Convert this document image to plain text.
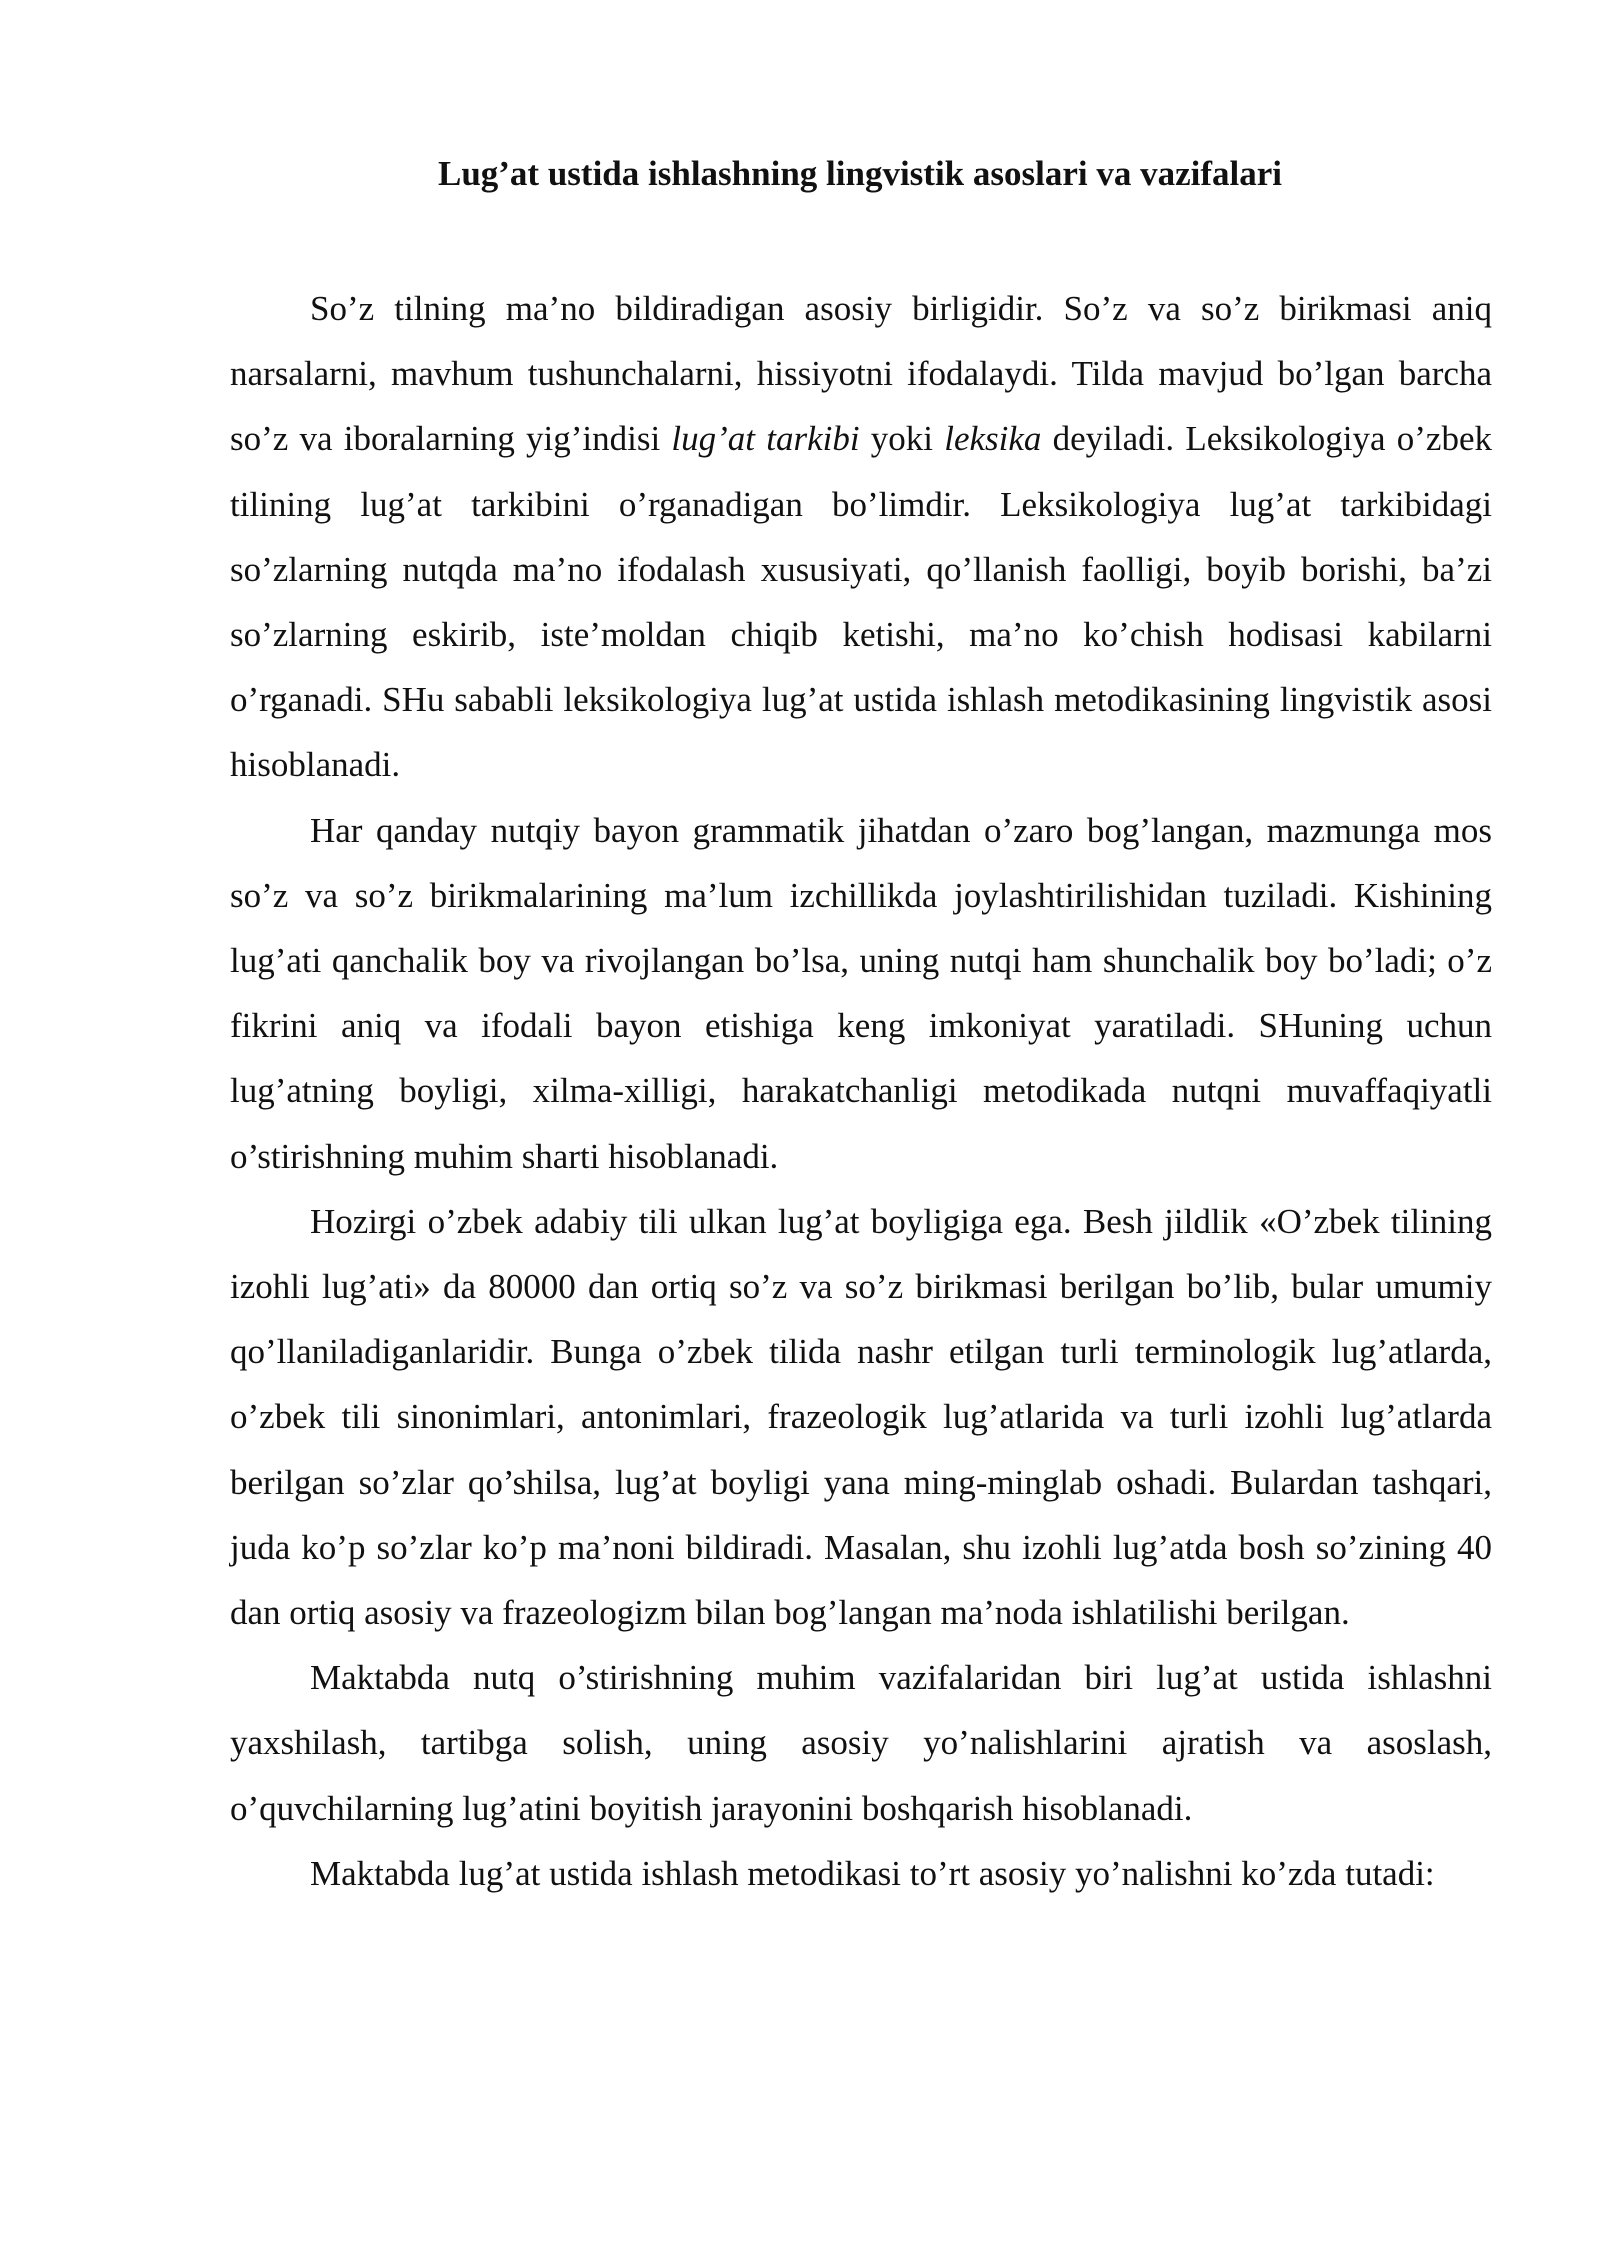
Lug’at ustida ishlashning lingvistik asoslari va vazifalari

So’z tilning ma’no bildiradigan asosiy birligidir. So’z va so’z birikmasi aniq narsalarni, mavhum tushunchalarni, hissiyotni ifodalaydi. Tilda mavjud bo’lgan barcha so’z va iboralarning yig’indisi lug’at tarkibi yoki leksika deyiladi. Leksikologiya o’zbek tilining lug’at tarkibini o’rganadigan bo’limdir. Leksikologiya lug’at tarkibidagi so’zlarning nutqda ma’no ifodalash xususiyati, qo’llanish faolligi, boyib borishi, ba’zi so’zlarning eskirib, iste’moldan chiqib ketishi, ma’no ko’chish hodisasi kabilarni o’rganadi. SHu sababli leksikologiya lug’at ustida ishlash metodikasining lingvistik asosi hisoblanadi.

Har qanday nutqiy bayon grammatik jihatdan o’zaro bog’langan, mazmunga mos so’z va so’z birikmalarining ma’lum izchillikda joylashtirilishidan tuziladi. Kishining lug’ati qanchalik boy va rivojlangan bo’lsa, uning nutqi ham shunchalik boy bo’ladi; o’z fikrini aniq va ifodali bayon etishiga keng imkoniyat yaratiladi. SHuning uchun lug’atning boyligi, xilma-xilligi, harakatchanligi metodikada nutqni muvaffaqiyatli o’stirishning muhim sharti hisoblanadi.

Hozirgi o’zbek adabiy tili ulkan lug’at boyligiga ega. Besh jildlik «O’zbek tilining izohli lug’ati» da 80000 dan ortiq so’z va so’z birikmasi berilgan bo’lib, bular umumiy qo’llaniladiganlaridir. Bunga o’zbek tilida nashr etilgan turli terminologik lug’atlarda, o’zbek tili sinonimlari, antonimlari, frazeologik lug’atlarida va turli izohli lug’atlarda berilgan so’zlar qo’shilsa, lug’at boyligi yana ming-minglab oshadi. Bulardan tashqari, juda ko’p so’zlar ko’p ma’noni bildiradi. Masalan, shu izohli lug’atda bosh so’zining 40 dan ortiq asosiy va frazeologizm bilan bog’langan ma’noda ishlatilishi berilgan.

Maktabda nutq o’stirishning muhim vazifalaridan biri lug’at ustida ishlashni yaxshilash, tartibga solish, uning asosiy yo’nalishlarini ajratish va asoslash, o’quvchilarning lug’atini boyitish jarayonini boshqarish hisoblanadi.

Maktabda lug’at ustida ishlash metodikasi to’rt asosiy yo’nalishni ko’zda tutadi:
